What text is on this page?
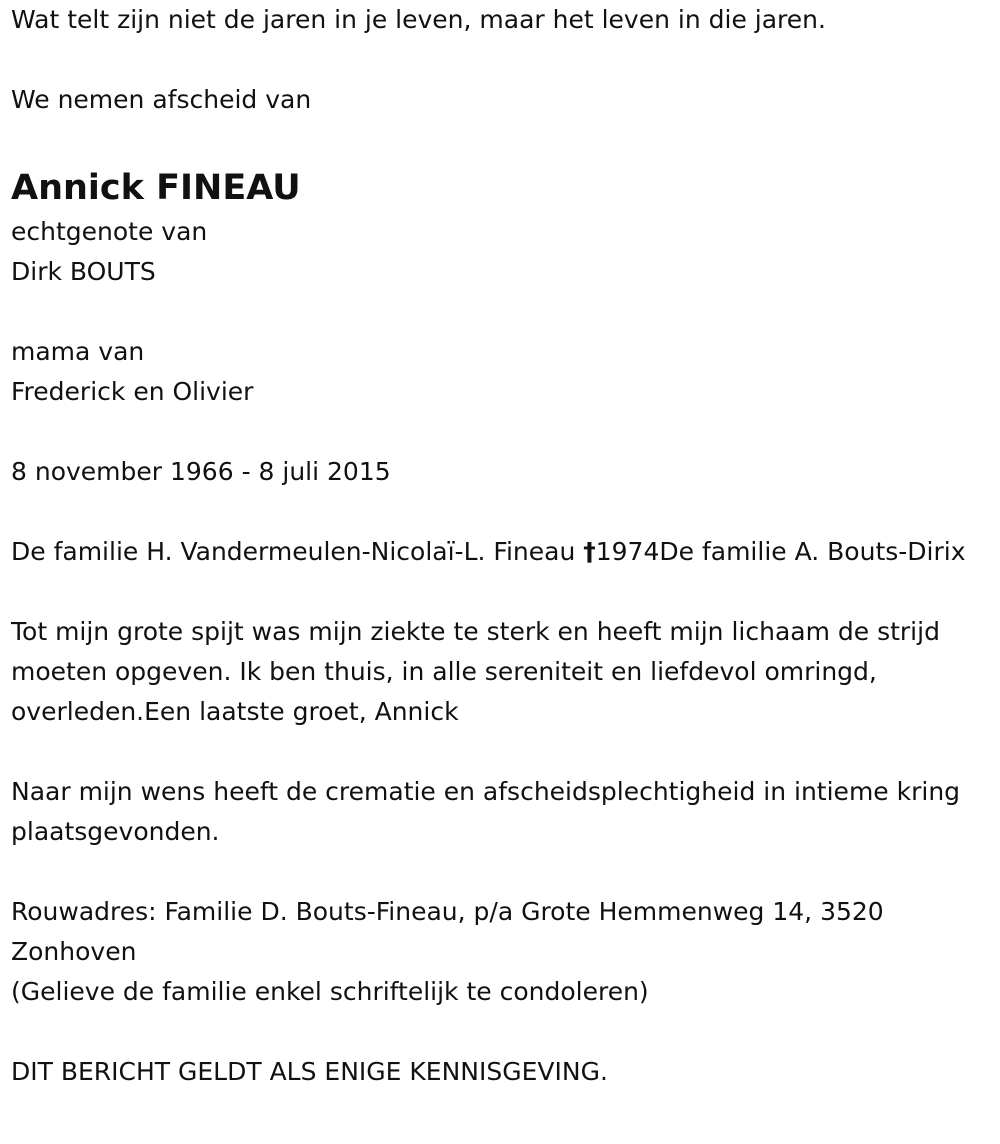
Wat telt zijn niet de jaren in je leven, maar het leven in die jaren.
We nemen afscheid van
Annick FINEAU
echtgenote van
Dirk BOUTS
mama van
Frederick en Olivier
8 november 1966 - 8 juli 2015
De familie H. Vandermeulen-Nicolaï-L. Fineau †1974De familie A. Bouts-Dirix
Tot mijn grote spijt was mijn ziekte te sterk en heeft mijn lichaam de strijd moeten opgeven. Ik ben thuis, in alle sereniteit en liefdevol omringd, overleden.Een laatste groet, Annick
Naar mijn wens heeft de crematie en afscheidsplechtigheid in intieme kring plaatsgevonden.
Rouwadres: Familie D. Bouts-Fineau, p/a Grote Hemmenweg 14, 3520 Zonhoven
(Gelieve de familie enkel schriftelijk te condoleren)
DIT BERICHT GELDT ALS ENIGE KENNISGEVING.
